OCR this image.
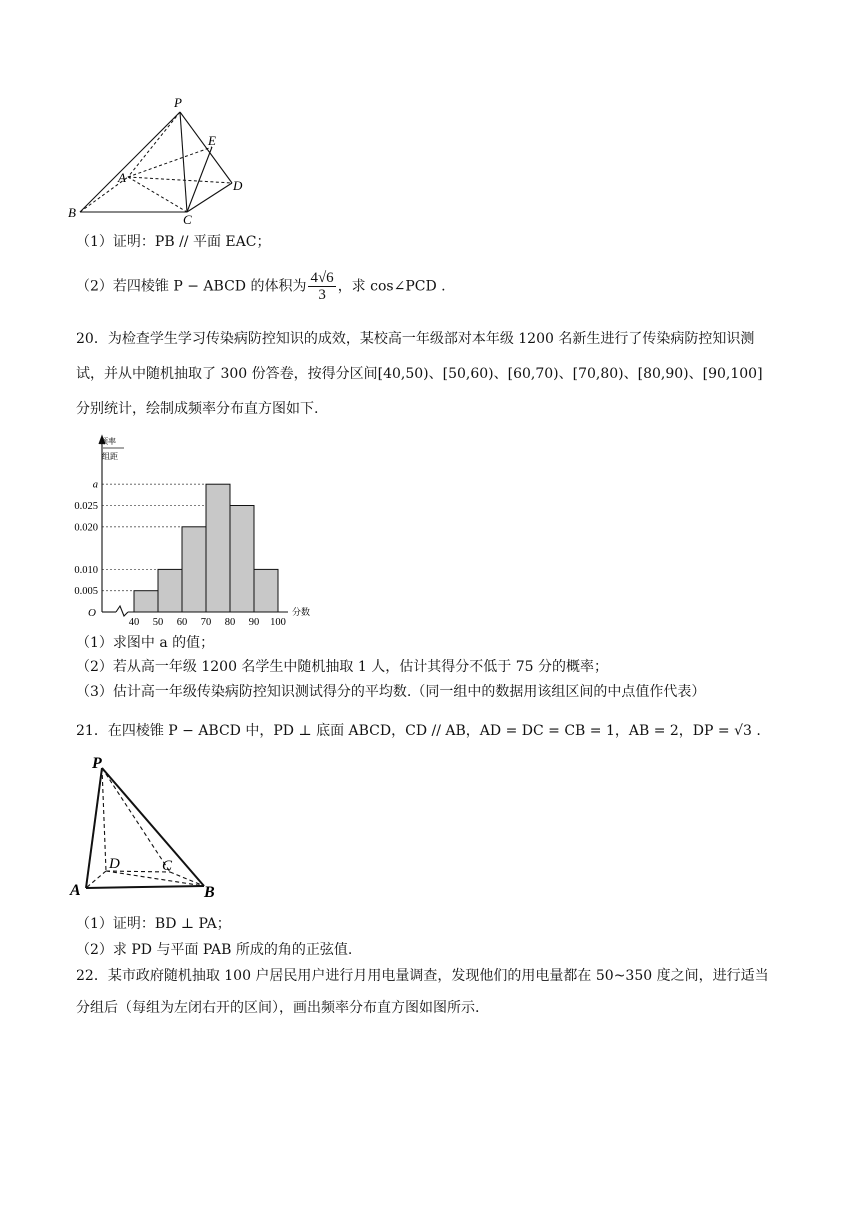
P
E
A
D
B	C
（1）证明：PB // 平面 EAC；
（2）若四棱锥 P − ABCD 的体积为 $\frac{4√6}{3}$ ，求 cos∠PCD .
20．为检查学生学习传染病防控知识的成效，某校高一年级部对本年级 1200 名新生进行了传染病防控知识测
试，并从中随机抽取了 300 份答卷，按得分区间[40,50)、[50,60)、[60,70)、[70,80)、[80,90)、[90,100]
分别统计，绘制成频率分布直方图如下.
频率
组距
分数
O
40 50 60 70 80 90 100
a
0.025
0.020
0.010
0.005
（1）求图中 a 的值；
（2）若从高一年级 1200 名学生中随机抽取 1 人，估计其得分不低于 75 分的概率；
（3）估计高一年级传染病防控知识测试得分的平均数.（同一组中的数据用该组区间的中点值作代表）
21．在四棱锥 P − ABCD 中，PD ⊥ 底面 ABCD，CD // AB，AD = DC = CB = 1，AB = 2，DP = √3 .
P
D	C
A	B
（1）证明：BD ⊥ PA；
（2）求 PD 与平面 PAB 所成的角的正弦值.
22．某市政府随机抽取 100 户居民用户进行月用电量调查，发现他们的用电量都在 50~350 度之间，进行适当
分组后（每组为左闭右开的区间），画出频率分布直方图如图所示.
